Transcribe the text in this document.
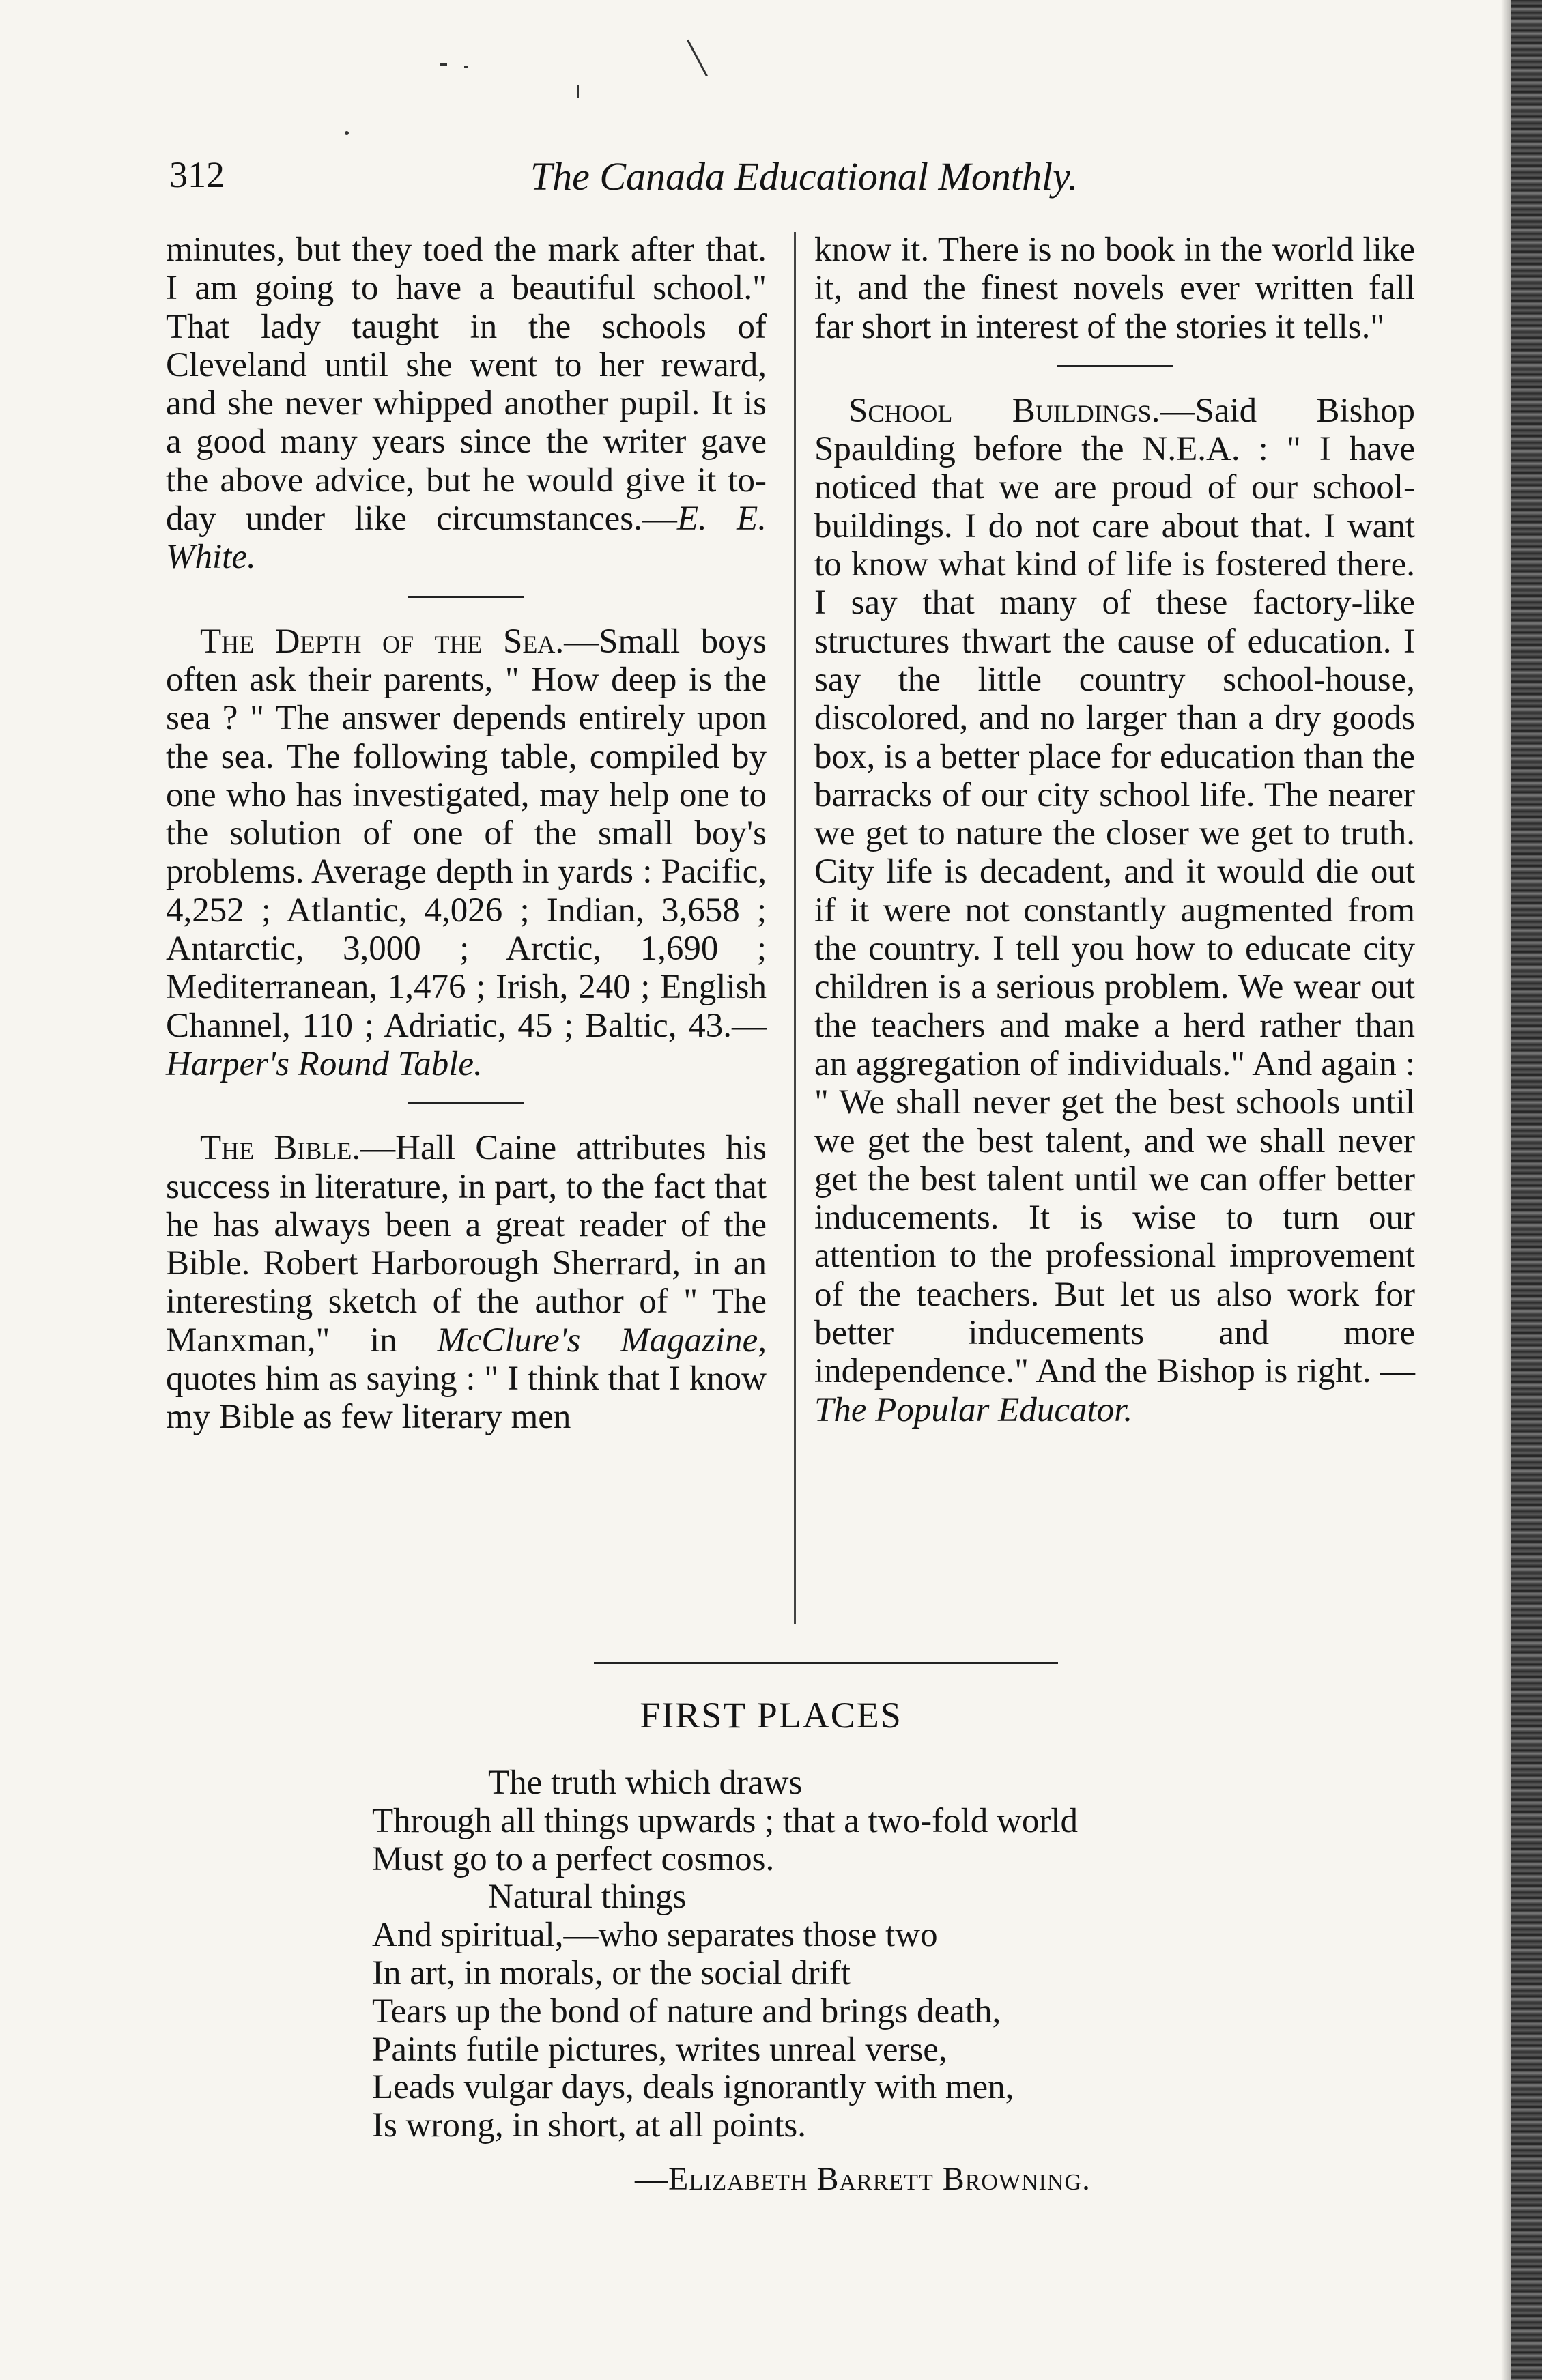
312	The Canada Educational Monthly.

minutes, but they toed the mark after that. I am going to have a beautiful school." That lady taught in the schools of Cleveland until she went to her reward, and she never whipped another pupil. It is a good many years since the writer gave the above advice, but he would give it to-day under like circumstances.—E. E. White.

The Depth of the Sea.—Small boys often ask their parents, " How deep is the sea ? " The answer depends entirely upon the sea. The following table, compiled by one who has investigated, may help one to the solution of one of the small boy's problems. Average depth in yards : Pacific, 4,252 ; Atlantic, 4,026 ; Indian, 3,658 ; Antarctic, 3,000 ; Arctic, 1,690 ; Mediterranean, 1,476 ; Irish, 240 ; English Channel, 110 ; Adriatic, 45 ; Baltic, 43.—Harper's Round Table.

The Bible.—Hall Caine attributes his success in literature, in part, to the fact that he has always been a great reader of the Bible. Robert Harborough Sherrard, in an interesting sketch of the author of " The Manxman," in McClure's Magazine, quotes him as saying : " I think that I know my Bible as few literary men

know it. There is no book in the world like it, and the finest novels ever written fall far short in interest of the stories it tells."

School Buildings.—Said Bishop Spaulding before the N.E.A. : " I have noticed that we are proud of our school-buildings. I do not care about that. I want to know what kind of life is fostered there. I say that many of these factory-like structures thwart the cause of education. I say the little country school-house, discolored, and no larger than a dry goods box, is a better place for education than the barracks of our city school life. The nearer we get to nature the closer we get to truth. City life is decadent, and it would die out if it were not constantly augmented from the country. I tell you how to educate city children is a serious problem. We wear out the teachers and make a herd rather than an aggregation of individuals." And again : " We shall never get the best schools until we get the best talent, and we shall never get the best talent until we can offer better inducements. It is wise to turn our attention to the professional improvement of the teachers. But let us also work for better inducements and more independence." And the Bishop is right. —The Popular Educator.

FIRST PLACES
The truth which draws
Through all things upwards ; that a two-fold world
Must go to a perfect cosmos.
Natural things
And spiritual,—who separates those two
In art, in morals, or the social drift
Tears up the bond of nature and brings death,
Paints futile pictures, writes unreal verse,
Leads vulgar days, deals ignorantly with men,
Is wrong, in short, at all points.
—Elizabeth Barrett Browning.
